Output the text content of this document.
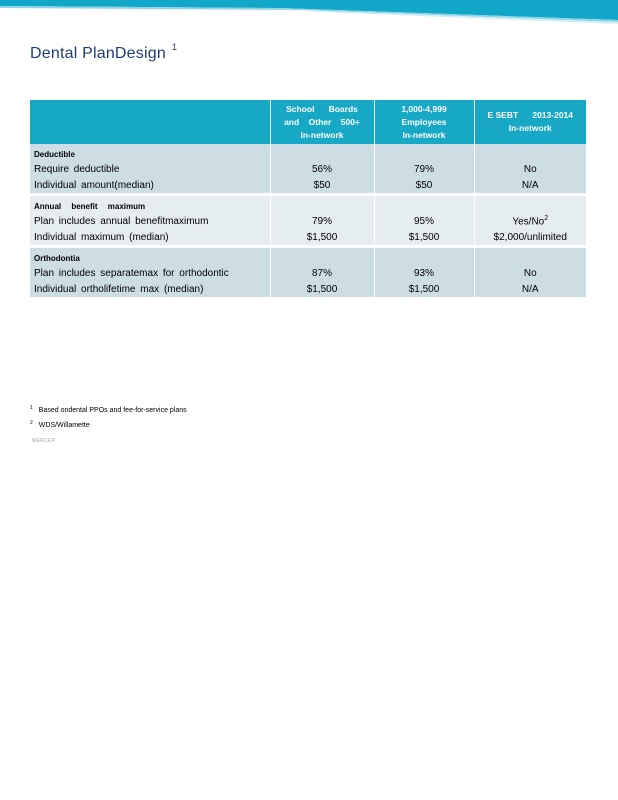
Dental PlanDesign $^1$

	School      Boards
and    Other    500+
In-network	1,000-4,999
Employees
In-network	E SEBT      2013-2014
In-network

Deductible			
Require deductible	56%	79%	No
Individual amount(median)	$50	$50	N/A

Annual benefit maximum			
Plan includes annual benefitmaximum	79%	95%	Yes/No$^2$
Individual maximum (median)	$1,500	$1,500	$2,000/unlimited

Orthodontia			
Plan includes separatemax for orthodontic	87%	93%	No
Individual ortholifetime max (median)	$1,500	$1,500	N/A
$^1$ Based ondental PPOs and fee-for-service plans
$^2$ WDS/Willamette
MERCER
